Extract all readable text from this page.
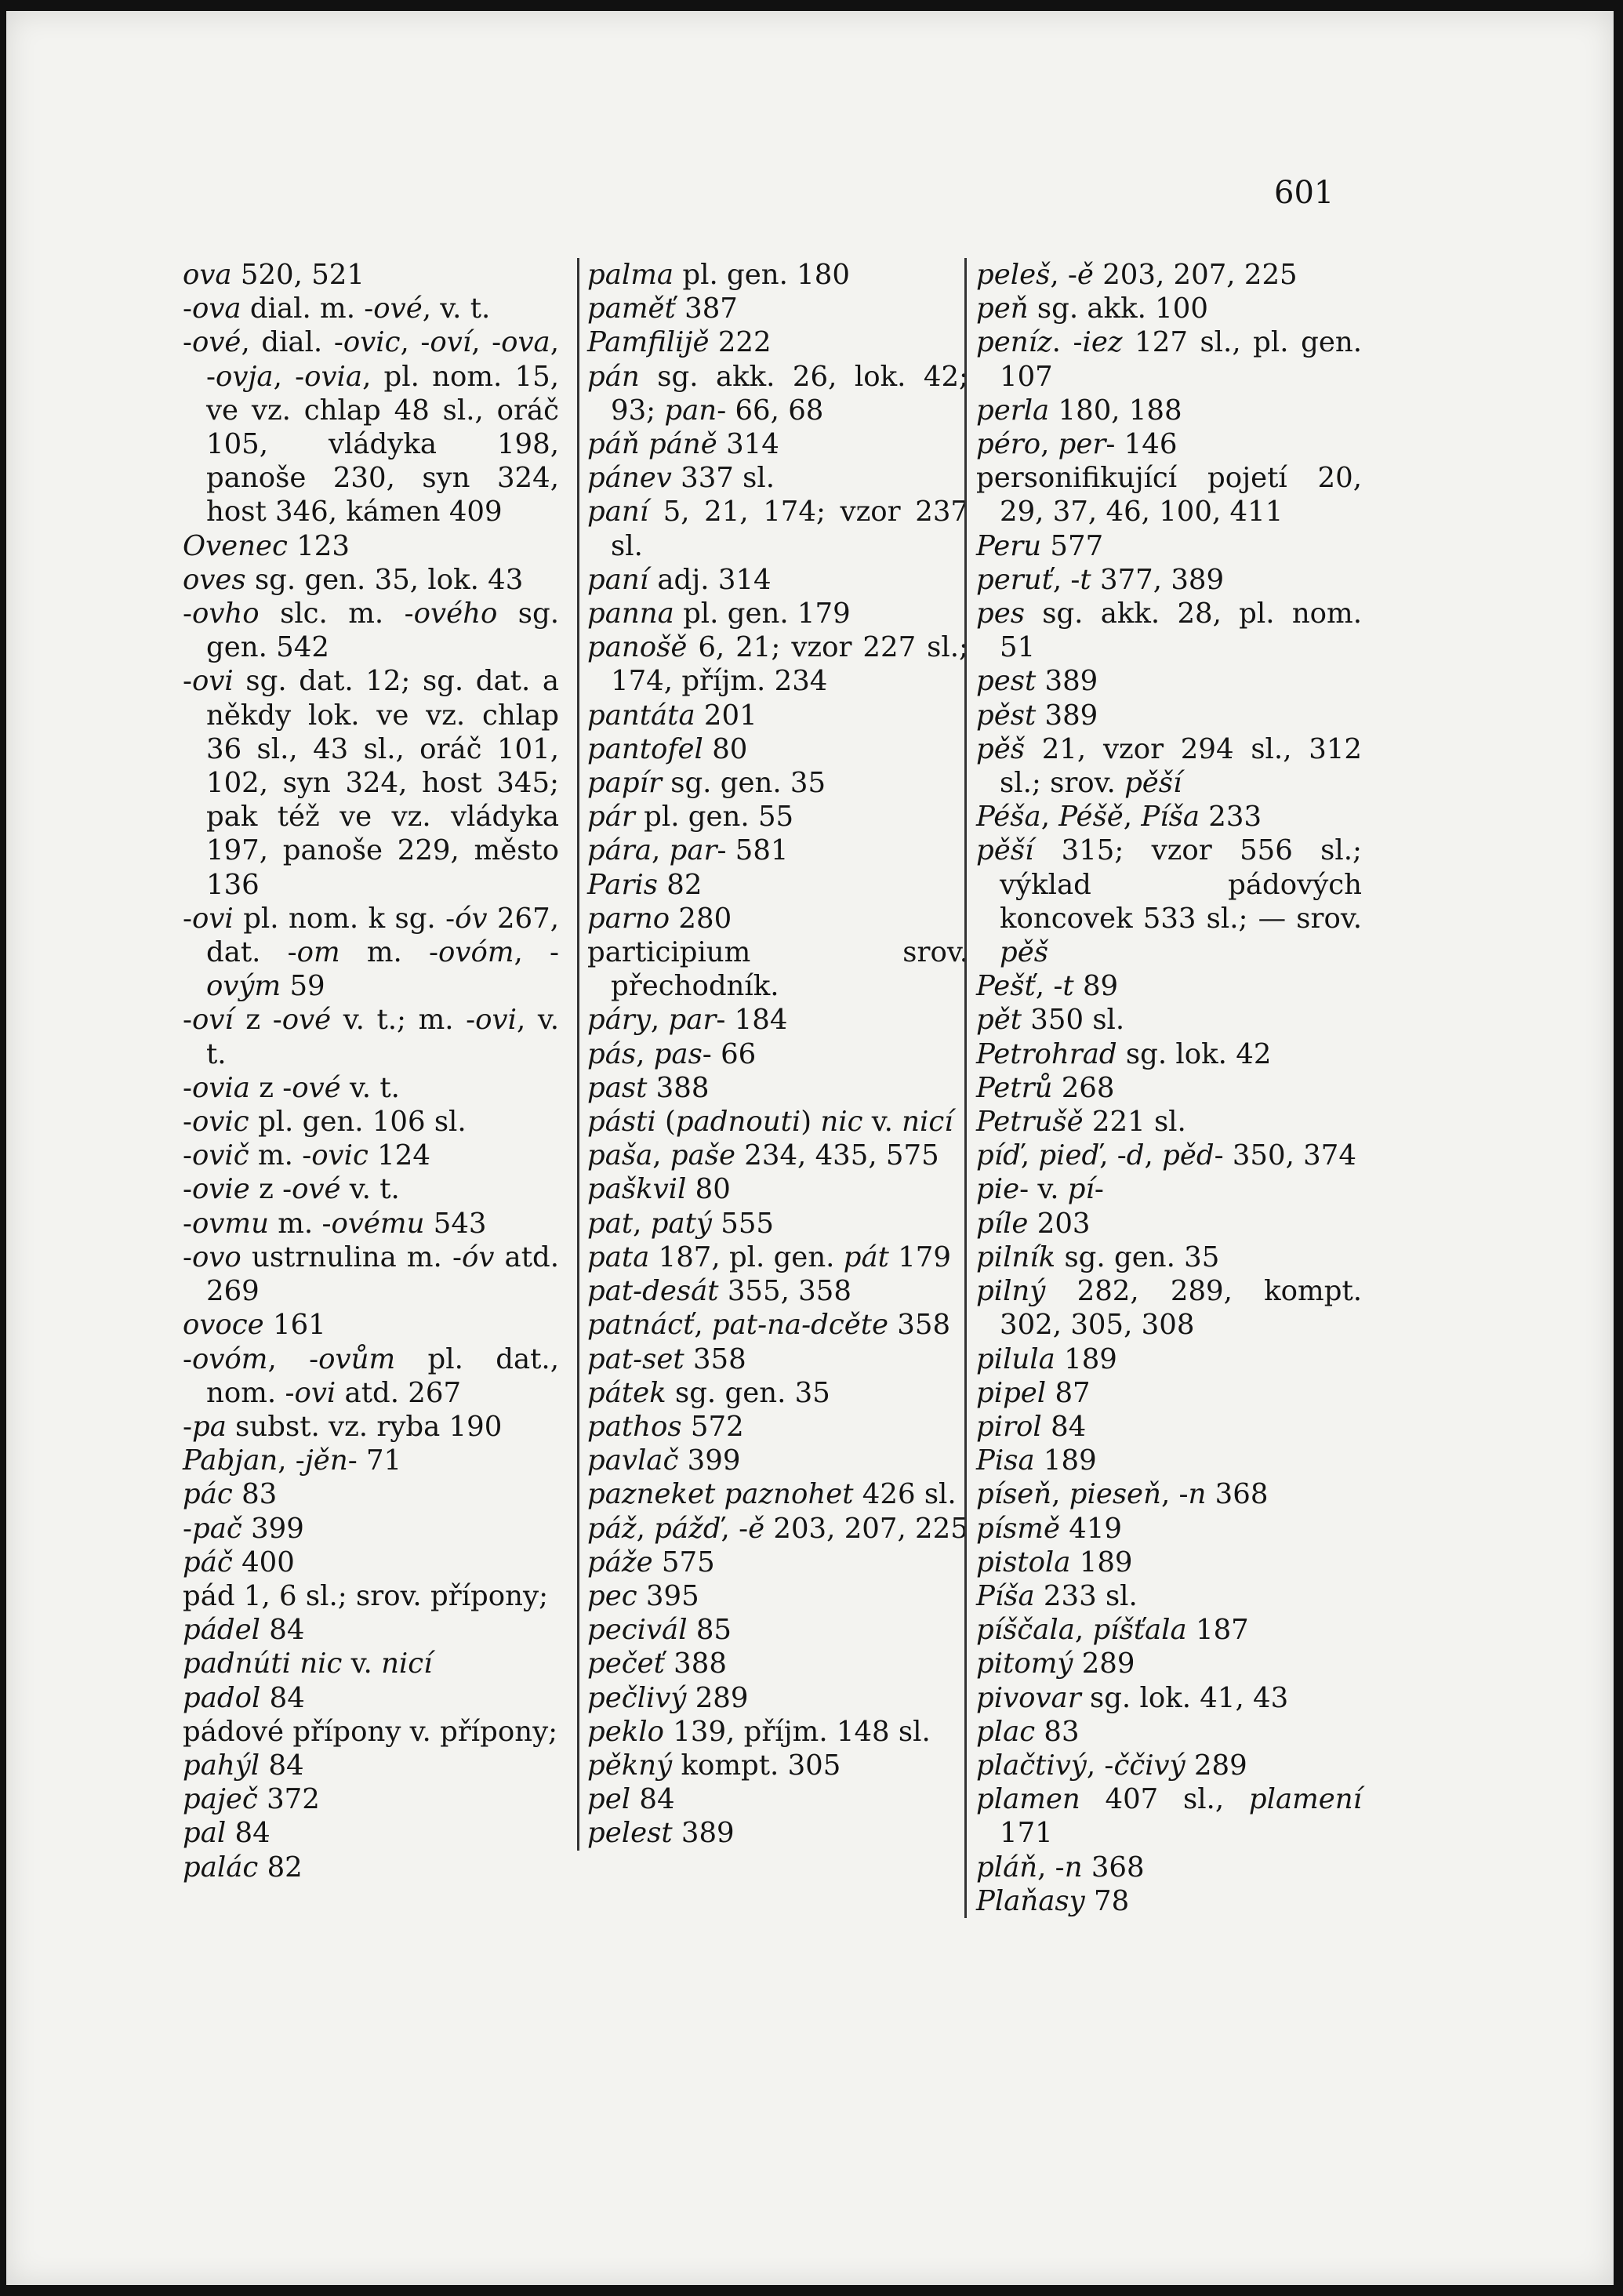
601
ova 520, 521
-ova dial. m. -ové, v. t.
-ové, dial. -ovic, -oví, -ova, -ovja, -ovia, pl. nom. 15, ve vz. chlap 48 sl., oráč 105, vládyka 198, panoše 230, syn 324, host 346, kámen 409
Ovenec 123
oves sg. gen. 35, lok. 43
-ovho slc. m. -ového sg. gen. 542
-ovi sg. dat. 12; sg. dat. a někdy lok. ve vz. chlap 36 sl., 43 sl., oráč 101, 102, syn 324, host 345; pak též ve vz. vládyka 197, panoše 229, město 136
-ovi pl. nom. k sg. -óv 267, dat. -om m. -ovóm, -ovým 59
-oví z -ové v. t.; m. -ovi, v. t.
-ovia z -ové v. t.
-ovic pl. gen. 106 sl.
-ovič m. -ovic 124
-ovie z -ové v. t.
-ovmu m. -ovému 543
-ovo ustrnulina m. -óv atd. 269
ovoce 161
-ovóm, -ovům pl. dat., nom. -ovi atd. 267
-pa subst. vz. ryba 190
Pabjan, -jěn- 71
pác 83
-pač 399
páč 400
pád 1, 6 sl.; srov. přípony;
pádel 84
padnúti nic v. nicí
padol 84
pádové přípony v. přípony;
pahýl 84
paječ 372
pal 84
palác 82
palma pl. gen. 180
paměť 387
Pamfilijě 222
pán sg. akk. 26, lok. 42; 93; pan- 66, 68
páň páně 314
pánev 337 sl.
paní 5, 21, 174; vzor 237 sl.
paní adj. 314
panna pl. gen. 179
panošě 6, 21; vzor 227 sl.; 174, příjm. 234
pantáta 201
pantofel 80
papír sg. gen. 35
pár pl. gen. 55
pára, par- 581
Paris 82
parno 280
participium srov. přechodník.
páry, par- 184
pás, pas- 66
past 388
pásti (padnouti) nic v. nicí
paša, paše 234, 435, 575
paškvil 80
pat, patý 555
pata 187, pl. gen. pát 179
pat-desát 355, 358
patnácť, pat-na-dcěte 358
pat-set 358
pátek sg. gen. 35
pathos 572
pavlač 399
pazneket paznohet 426 sl.
páž, pážď, -ě 203, 207, 225
páže 575
pec 395
pecivál 85
pečeť 388
pečlivý 289
peklo 139, příjm. 148 sl.
pěkný kompt. 305
pel 84
pelest 389
peleš, -ě 203, 207, 225
peň sg. akk. 100
peníz. -iez 127 sl., pl. gen. 107
perla 180, 188
péro, per- 146
personifikující pojetí 20, 29, 37, 46, 100, 411
Peru 577
peruť, -t 377, 389
pes sg. akk. 28, pl. nom. 51
pest 389
pěst 389
pěš 21, vzor 294 sl., 312 sl.; srov. pěší
Péša, Péšě, Píša 233
pěší 315; vzor 556 sl.; výklad pádových koncovek 533 sl.; — srov. pěš
Pešť, -t 89
pět 350 sl.
Petrohrad sg. lok. 42
Petrů 268
Petrušě 221 sl.
píď, pieď, -d, pěd- 350, 374
pie- v. pí-
píle 203
pilník sg. gen. 35
pilný 282, 289, kompt. 302, 305, 308
pilula 189
pipel 87
pirol 84
Pisa 189
píseň, pieseň, -n 368
písmě 419
pistola 189
Píša 233 sl.
píščala, píšťala 187
pitomý 289
pivovar sg. lok. 41, 43
plac 83
plačtivý, -ččivý 289
plamen 407 sl., plamení 171
pláň, -n 368
Plaňasy 78
